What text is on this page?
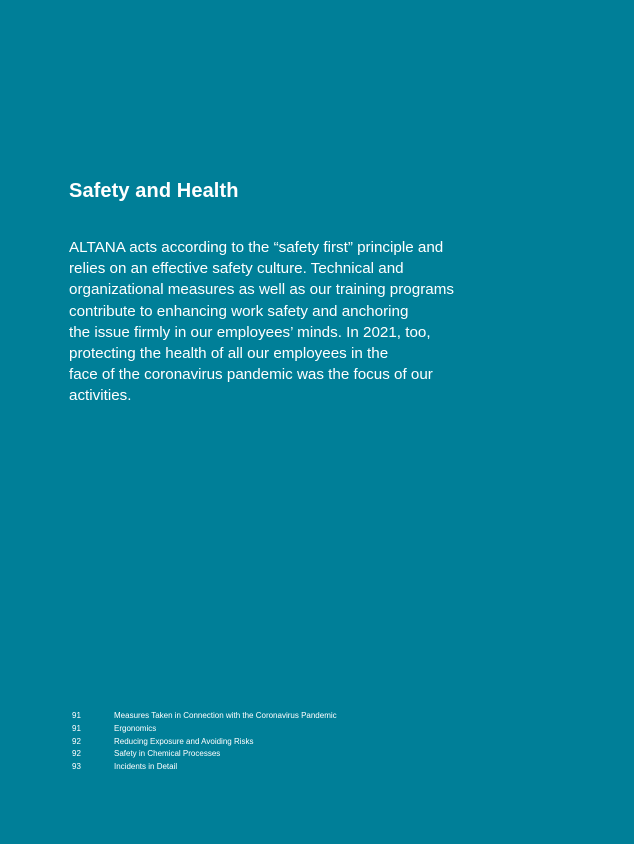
Safety and Health

ALTANA acts according to the “safety first” principle and
relies on an effective safety culture. Technical and
organizational measures as well as our training programs
contribute to enhancing work safety and anchoring
the issue firmly in our employees’ minds. In 2021, too,
protecting the health of all our employees in the
face of the coronavirus pandemic was the focus of our
activities.

91	Measures Taken in Connection with the Coronavirus Pandemic
91	Ergonomics
92	Reducing Exposure and Avoiding Risks
92	Safety in Chemical Processes
93	Incidents in Detail
